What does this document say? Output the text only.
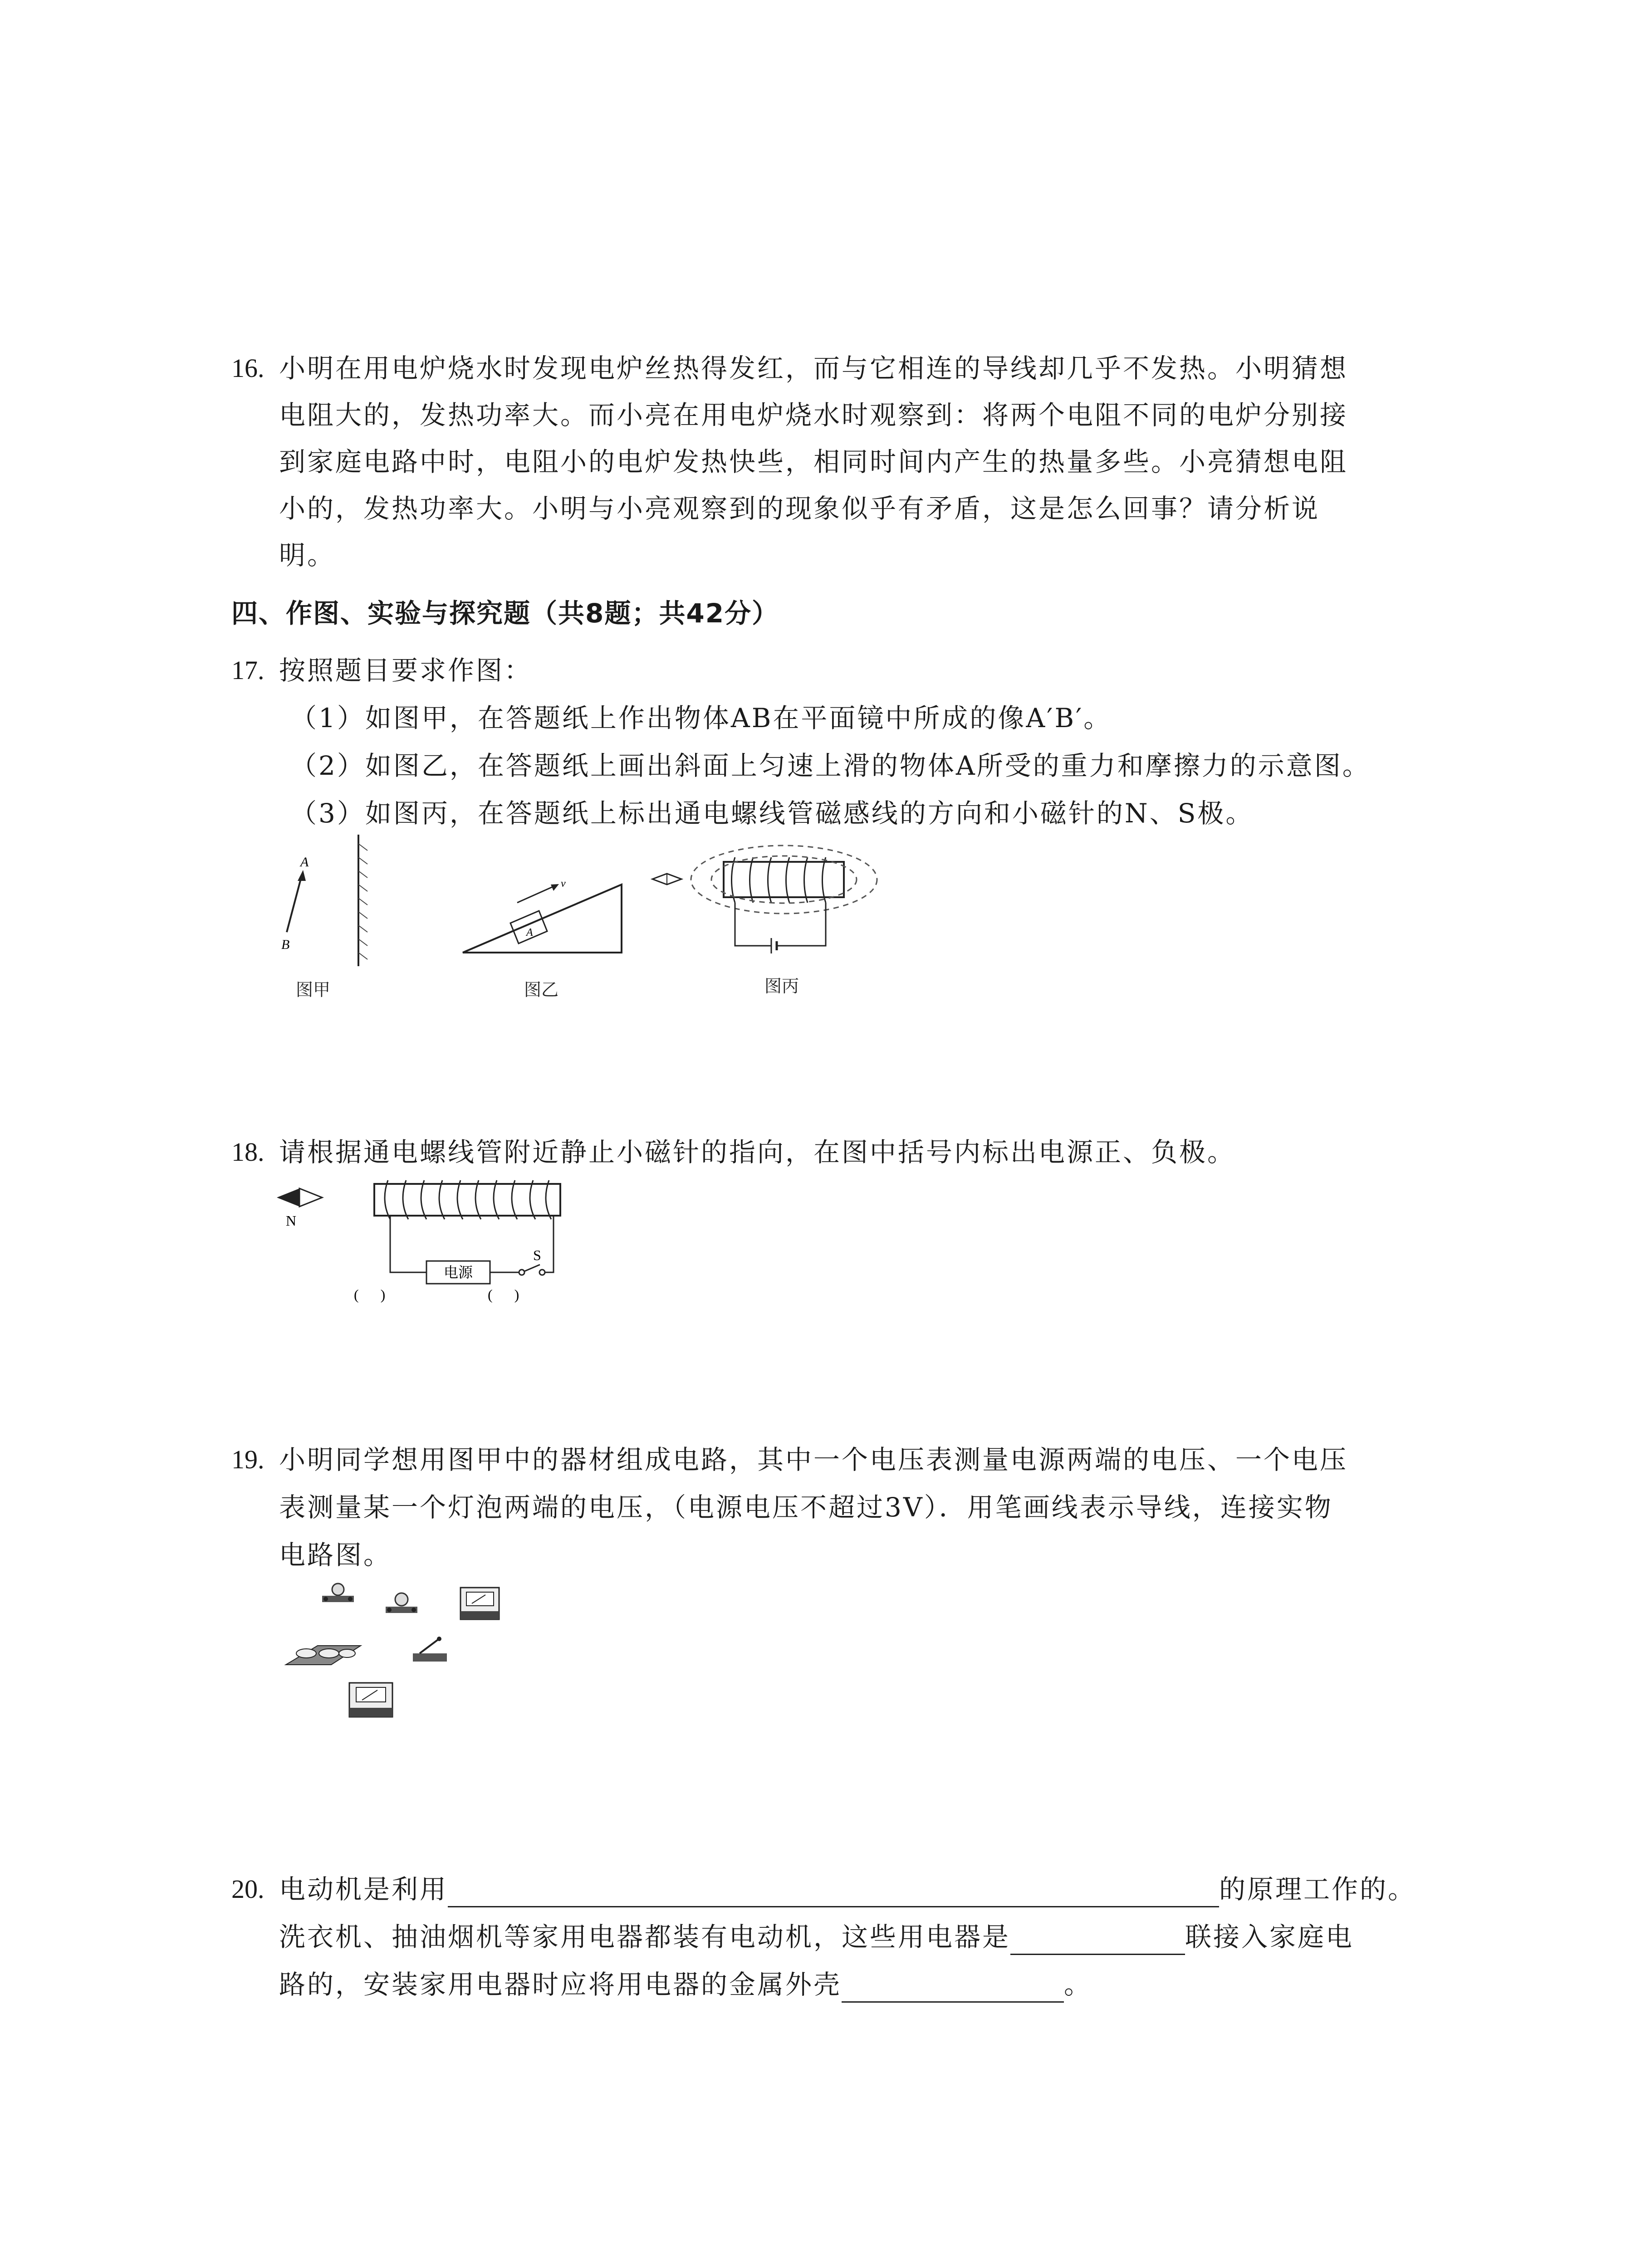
16. 小明在用电炉烧水时发现电炉丝热得发红，而与它相连的导线却几乎不发热。小明猜想
电阻大的，发热功率大。而小亮在用电炉烧水时观察到：将两个电阻不同的电炉分别接
到家庭电路中时，电阻小的电炉发热快些，相同时间内产生的热量多些。小亮猜想电阻
小的，发热功率大。小明与小亮观察到的现象似乎有矛盾，这是怎么回事？请分析说
明。
四、作图、实验与探究题（共8题；共42分）
17. 按照题目要求作图：
（1）如图甲，在答题纸上作出物体AB在平面镜中所成的像A′B′。
（2）如图乙，在答题纸上画出斜面上匀速上滑的物体A所受的重力和摩擦力的示意图。
（3）如图丙，在答题纸上标出通电螺线管磁感线的方向和小磁针的N、S极。
A
B
图甲
A
v
图乙	图丙
18. 请根据通电螺线管附近静止小磁针的指向，在图中括号内标出电源正、负极。
N
电源
S
(      )	(      )
19. 小明同学想用图甲中的器材组成电路，其中一个电压表测量电源两端的电压、一个电压
表测量某一个灯泡两端的电压，（电源电压不超过3V）．用笔画线表示导线，连接实物
电路图。
20. 电动机是利用	的原理工作的。
洗衣机、抽油烟机等家用电器都装有电动机，这些用电器是	联接入家庭电
路的，安装家用电器时应将用电器的金属外壳	。
